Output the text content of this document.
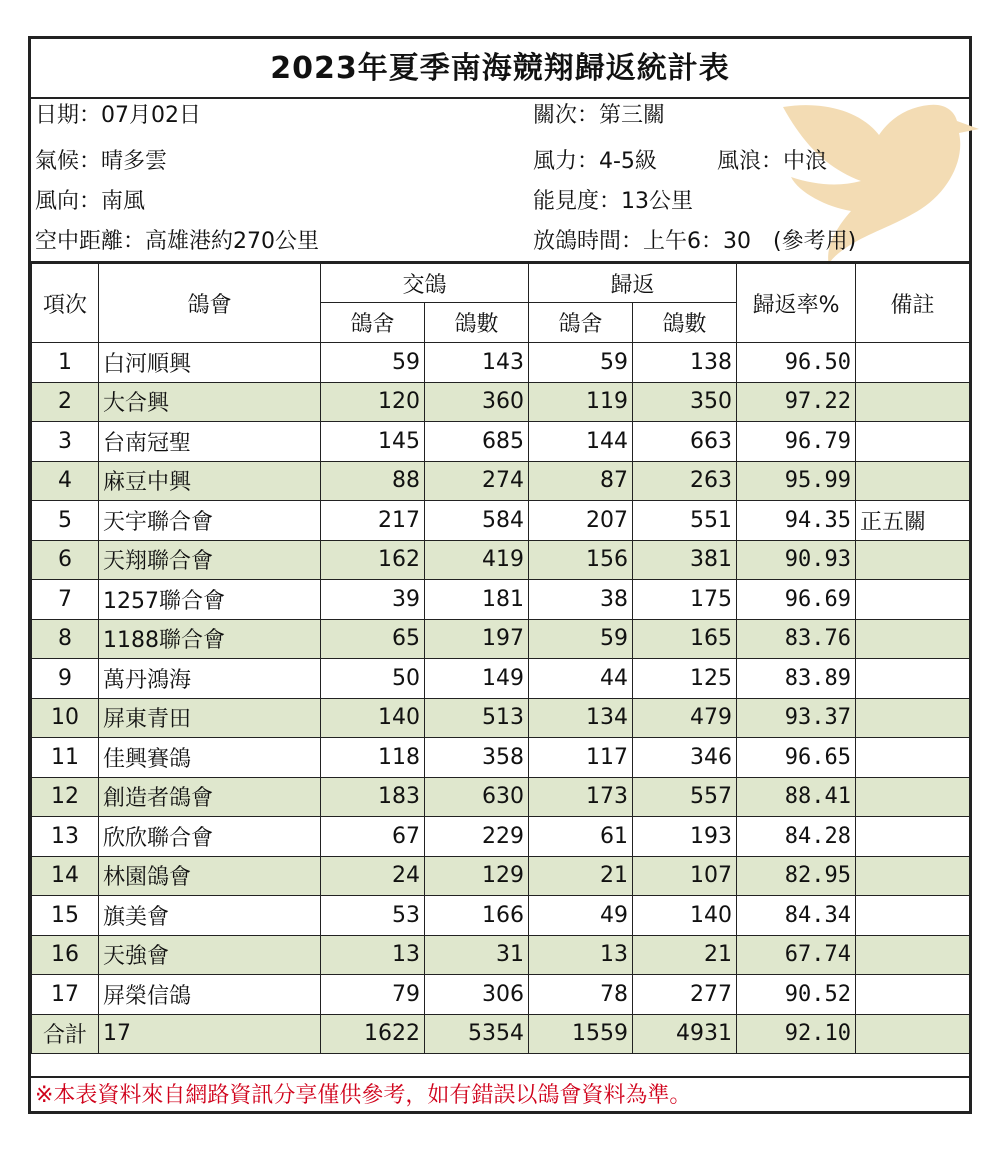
2023年夏季南海競翔歸返統計表
日期：07月02日
氣候：晴多雲
風向：南風
空中距離：高雄港約270公里
關次：第三關
風力：4-5級	風浪：中浪
能見度：13公里
放鴿時間：上午6：30　(參考用)
項次	鴿會	交鴿		歸返		歸返率%	備註
		鴿舍	鴿數	鴿舍	鴿數		
1	白河順興	59	143	59	138	96.50	
2	大合興	120	360	119	350	97.22	
3	台南冠聖	145	685	144	663	96.79	
4	麻豆中興	88	274	87	263	95.99	
5	天宇聯合會	217	584	207	551	94.35	正五關
6	天翔聯合會	162	419	156	381	90.93	
7	1257聯合會	39	181	38	175	96.69	
8	1188聯合會	65	197	59	165	83.76	
9	萬丹鴻海	50	149	44	125	83.89	
10	屏東青田	140	513	134	479	93.37	
11	佳興賽鴿	118	358	117	346	96.65	
12	創造者鴿會	183	630	173	557	88.41	
13	欣欣聯合會	67	229	61	193	84.28	
14	林園鴿會	24	129	21	107	82.95	
15	旗美會	53	166	49	140	84.34	
16	天強會	13	31	13	21	67.74	
17	屏榮信鴿	79	306	78	277	90.52	
合計	17	1622	5354	1559	4931	92.10	
※本表資料來自網路資訊分享僅供參考，如有錯誤以鴿會資料為準。
